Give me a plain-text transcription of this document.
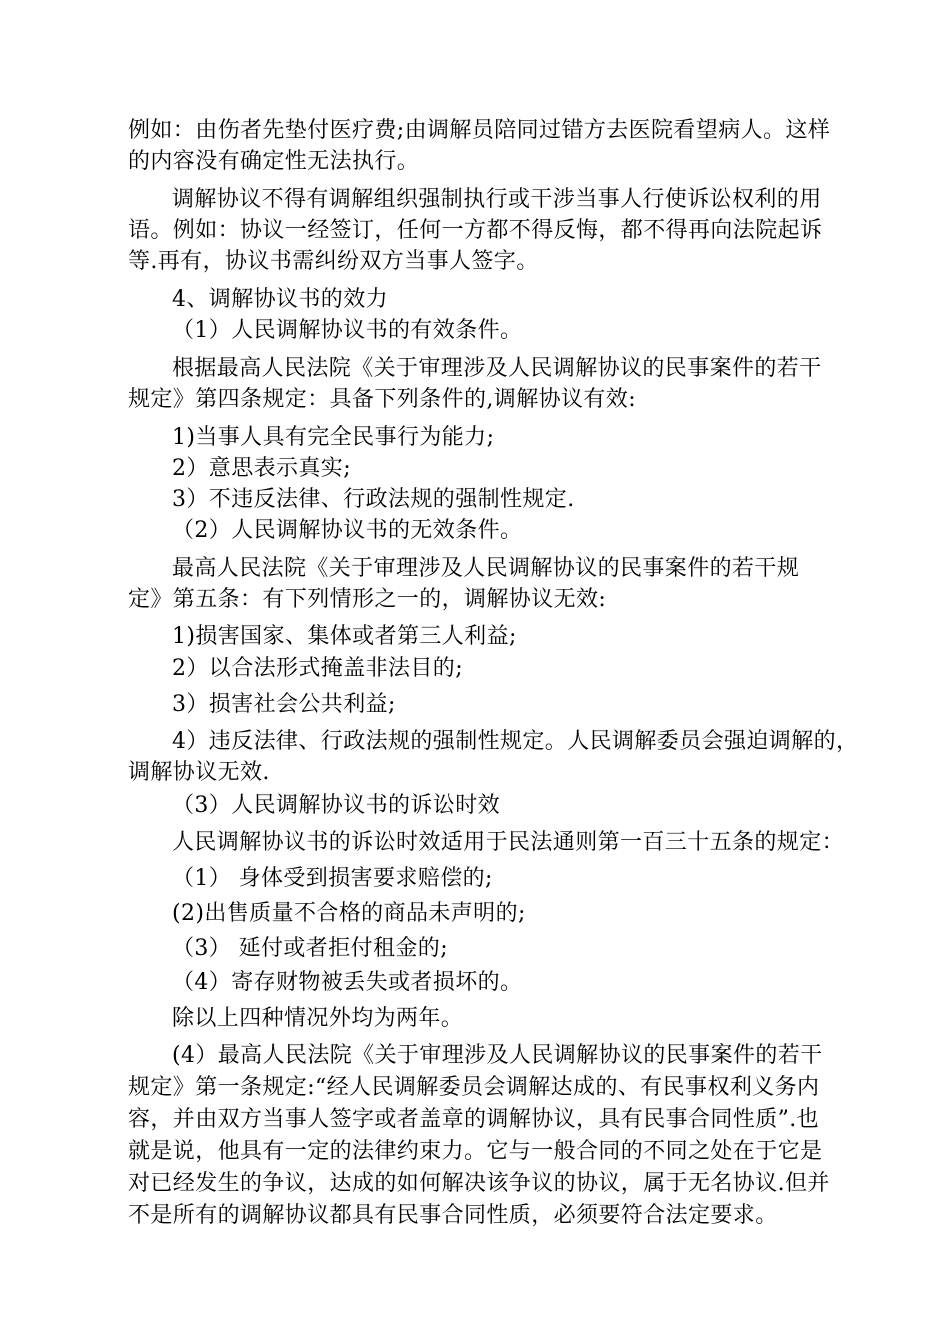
例如：由伤者先垫付医疗费;由调解员陪同过错方去医院看望病人。这样
的内容没有确定性无法执行。
调解协议不得有调解组织强制执行或干涉当事人行使诉讼权利的用
语。例如：协议一经签订，任何一方都不得反悔，都不得再向法院起诉
等.再有，协议书需纠纷双方当事人签字。
4、调解协议书的效力
（1）人民调解协议书的有效条件。
根据最高人民法院《关于审理涉及人民调解协议的民事案件的若干
规定》第四条规定：具备下列条件的,调解协议有效:
1)当事人具有完全民事行为能力;
2）意思表示真实;
3）不违反法律、行政法规的强制性规定.
（2）人民调解协议书的无效条件。
最高人民法院《关于审理涉及人民调解协议的民事案件的若干规
定》第五条：有下列情形之一的，调解协议无效:
1)损害国家、集体或者第三人利益;
2）以合法形式掩盖非法目的;
3）损害社会公共利益;
4）违反法律、行政法规的强制性规定。人民调解委员会强迫调解的，
调解协议无效.
（3）人民调解协议书的诉讼时效
人民调解协议书的诉讼时效适用于民法通则第一百三十五条的规定：
（1） 身体受到损害要求赔偿的;
(2)出售质量不合格的商品未声明的;
（3） 延付或者拒付租金的;
（4）寄存财物被丢失或者损坏的。
除以上四种情况外均为两年。
(4）最高人民法院《关于审理涉及人民调解协议的民事案件的若干
规定》第一条规定:“经人民调解委员会调解达成的、有民事权利义务内
容，并由双方当事人签字或者盖章的调解协议，具有民事合同性质”.也
就是说，他具有一定的法律约束力。它与一般合同的不同之处在于它是
对已经发生的争议，达成的如何解决该争议的协议，属于无名协议.但并
不是所有的调解协议都具有民事合同性质，必须要符合法定要求。
